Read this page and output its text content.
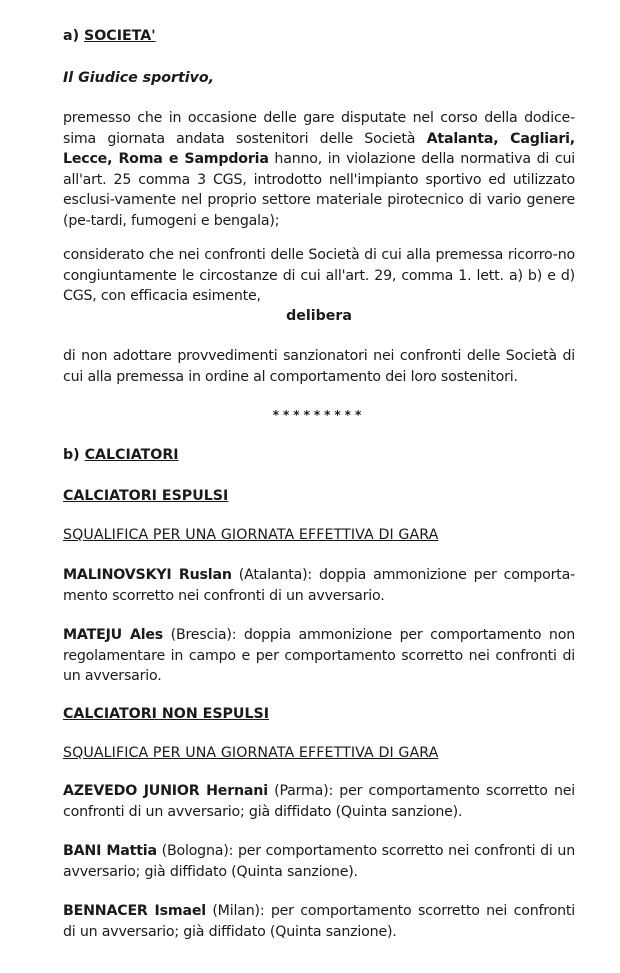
a) SOCIETA'
Il Giudice sportivo,
premesso che in occasione delle gare disputate nel corso della dodice-sima giornata andata sostenitori delle Società Atalanta, Cagliari, Lecce, Roma e Sampdoria hanno, in violazione della normativa di cui all'art. 25 comma 3 CGS, introdotto nell'impianto sportivo ed utilizzato esclusi-vamente nel proprio settore materiale pirotecnico di vario genere (pe-tardi, fumogeni e bengala);
considerato che nei confronti delle Società di cui alla premessa ricorro-no congiuntamente le circostanze di cui all'art. 29, comma 1. lett. a) b) e d) CGS, con efficacia esimente,
delibera
di non adottare provvedimenti sanzionatori nei confronti delle Società di cui alla premessa in ordine al comportamento dei loro sostenitori.
*********
b) CALCIATORI
CALCIATORI ESPULSI
SQUALIFICA PER UNA GIORNATA EFFETTIVA DI GARA
MALINOVSKYI Ruslan (Atalanta): doppia ammonizione per comporta-mento scorretto nei confronti di un avversario.
MATEJU Ales (Brescia): doppia ammonizione per comportamento non regolamentare in campo e per comportamento scorretto nei confronti di un avversario.
CALCIATORI NON ESPULSI
SQUALIFICA PER UNA GIORNATA EFFETTIVA DI GARA
AZEVEDO JUNIOR Hernani (Parma): per comportamento scorretto nei confronti di un avversario; già diffidato (Quinta sanzione).
BANI Mattia (Bologna): per comportamento scorretto nei confronti di un avversario; già diffidato (Quinta sanzione).
BENNACER Ismael (Milan): per comportamento scorretto nei confronti di un avversario; già diffidato (Quinta sanzione).
